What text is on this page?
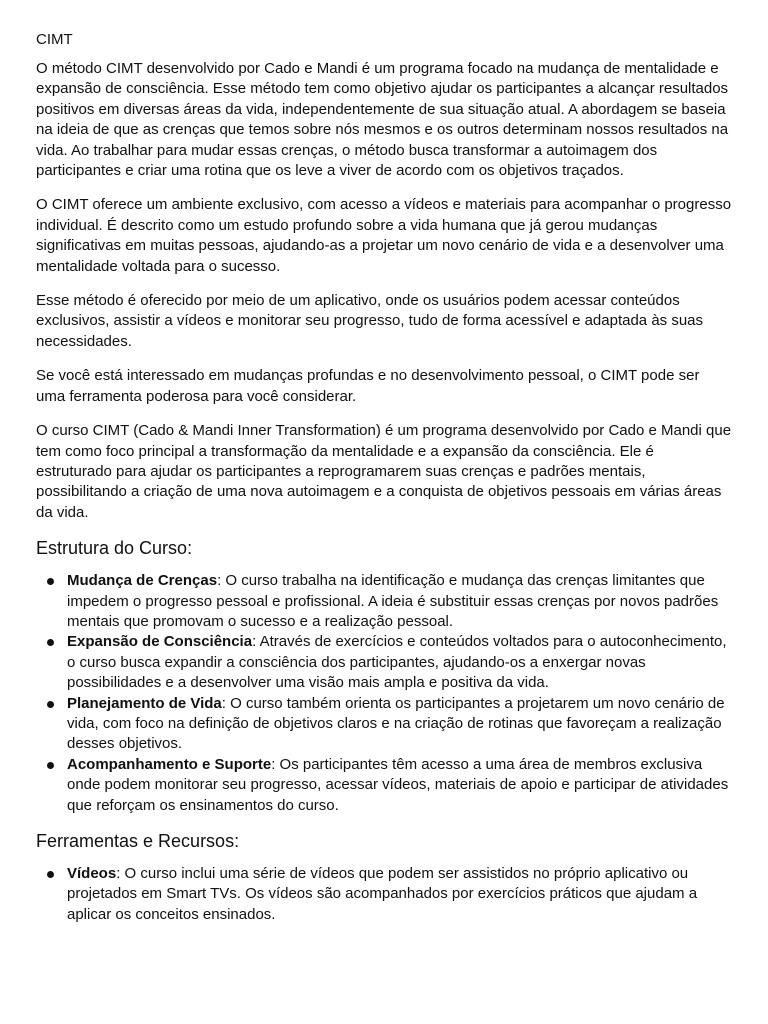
CIMT

O método CIMT desenvolvido por Cado e Mandi é um programa focado na mudança de mentalidade e expansão de consciência. Esse método tem como objetivo ajudar os participantes a alcançar resultados positivos em diversas áreas da vida, independentemente de sua situação atual. A abordagem se baseia na ideia de que as crenças que temos sobre nós mesmos e os outros determinam nossos resultados na vida. Ao trabalhar para mudar essas crenças, o método busca transformar a autoimagem dos participantes e criar uma rotina que os leve a viver de acordo com os objetivos traçados.

O CIMT oferece um ambiente exclusivo, com acesso a vídeos e materiais para acompanhar o progresso individual. É descrito como um estudo profundo sobre a vida humana que já gerou mudanças significativas em muitas pessoas, ajudando-as a projetar um novo cenário de vida e a desenvolver uma mentalidade voltada para o sucesso.

Esse método é oferecido por meio de um aplicativo, onde os usuários podem acessar conteúdos exclusivos, assistir a vídeos e monitorar seu progresso, tudo de forma acessível e adaptada às suas necessidades.

Se você está interessado em mudanças profundas e no desenvolvimento pessoal, o CIMT pode ser uma ferramenta poderosa para você considerar.

O curso CIMT (Cado & Mandi Inner Transformation) é um programa desenvolvido por Cado e Mandi que tem como foco principal a transformação da mentalidade e a expansão da consciência. Ele é estruturado para ajudar os participantes a reprogramarem suas crenças e padrões mentais, possibilitando a criação de uma nova autoimagem e a conquista de objetivos pessoais em várias áreas da vida.

Estrutura do Curso:
Mudança de Crenças: O curso trabalha na identificação e mudança das crenças limitantes que impedem o progresso pessoal e profissional. A ideia é substituir essas crenças por novos padrões mentais que promovam o sucesso e a realização pessoal.
Expansão de Consciência: Através de exercícios e conteúdos voltados para o autoconhecimento, o curso busca expandir a consciência dos participantes, ajudando-os a enxergar novas possibilidades e a desenvolver uma visão mais ampla e positiva da vida.
Planejamento de Vida: O curso também orienta os participantes a projetarem um novo cenário de vida, com foco na definição de objetivos claros e na criação de rotinas que favoreçam a realização desses objetivos.
Acompanhamento e Suporte: Os participantes têm acesso a uma área de membros exclusiva onde podem monitorar seu progresso, acessar vídeos, materiais de apoio e participar de atividades que reforçam os ensinamentos do curso.
Ferramentas e Recursos:
Vídeos: O curso inclui uma série de vídeos que podem ser assistidos no próprio aplicativo ou projetados em Smart TVs. Os vídeos são acompanhados por exercícios práticos que ajudam a aplicar os conceitos ensinados.
